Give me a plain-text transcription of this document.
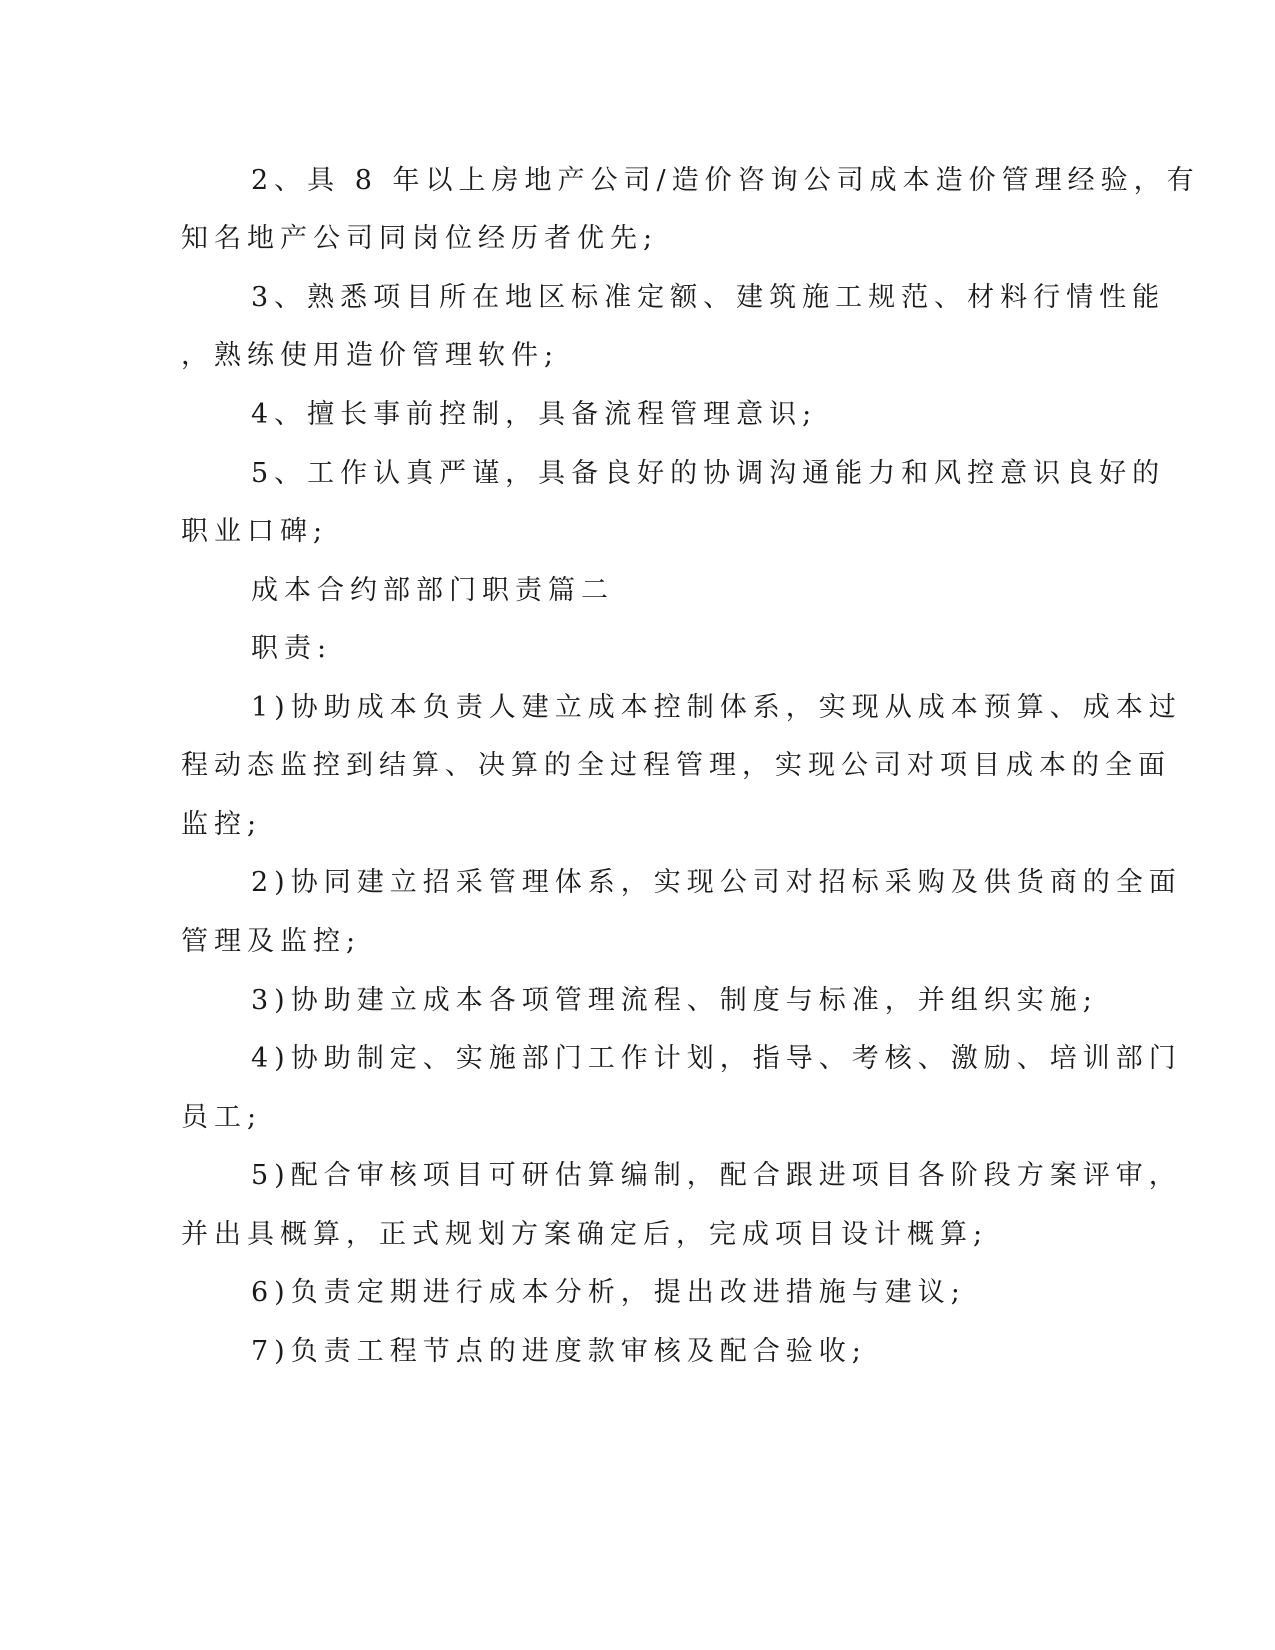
2、具 8 年以上房地产公司/造价咨询公司成本造价管理经验，有
知名地产公司同岗位经历者优先;
3、熟悉项目所在地区标准定额、建筑施工规范、材料行情性能
，熟练使用造价管理软件;
4、擅长事前控制，具备流程管理意识;
5、工作认真严谨，具备良好的协调沟通能力和风控意识良好的
职业口碑;
成本合约部部门职责篇二
职责:
1)协助成本负责人建立成本控制体系，实现从成本预算、成本过
程动态监控到结算、决算的全过程管理，实现公司对项目成本的全面
监控;
2)协同建立招采管理体系，实现公司对招标采购及供货商的全面
管理及监控;
3)协助建立成本各项管理流程、制度与标准，并组织实施;
4)协助制定、实施部门工作计划，指导、考核、激励、培训部门
员工;
5)配合审核项目可研估算编制，配合跟进项目各阶段方案评审，
并出具概算，正式规划方案确定后，完成项目设计概算;
6)负责定期进行成本分析，提出改进措施与建议;
7)负责工程节点的进度款审核及配合验收;
